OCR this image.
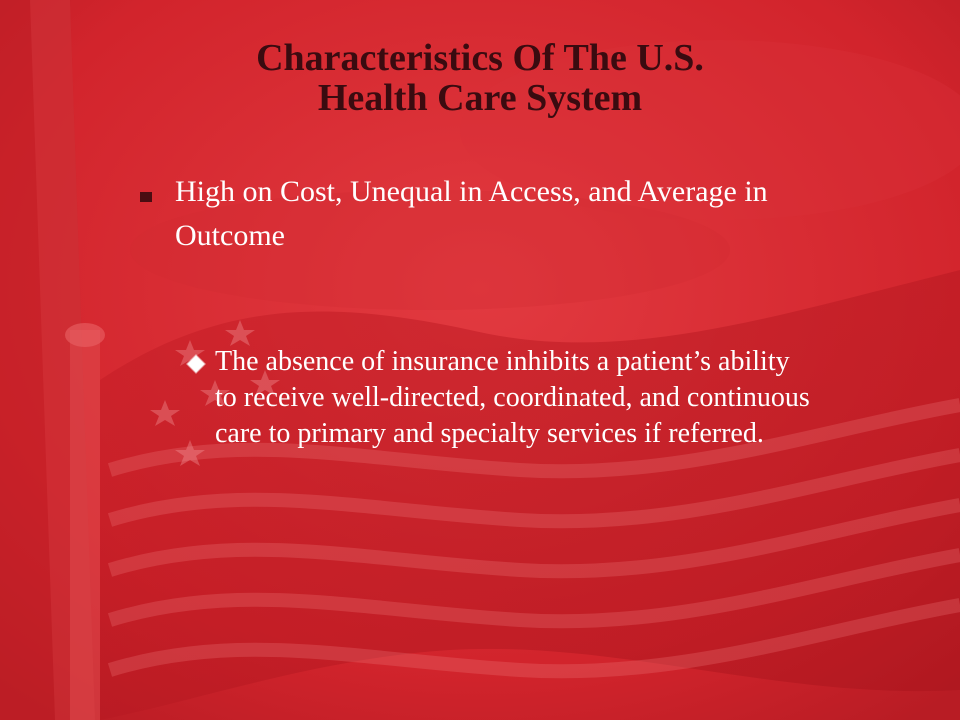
Characteristics Of The U.S.
Health Care System

High on Cost, Unequal in Access, and Average in Outcome

The absence of insurance inhibits a patient’s ability to receive well-directed, coordinated, and continuous care to primary and specialty services if referred.
